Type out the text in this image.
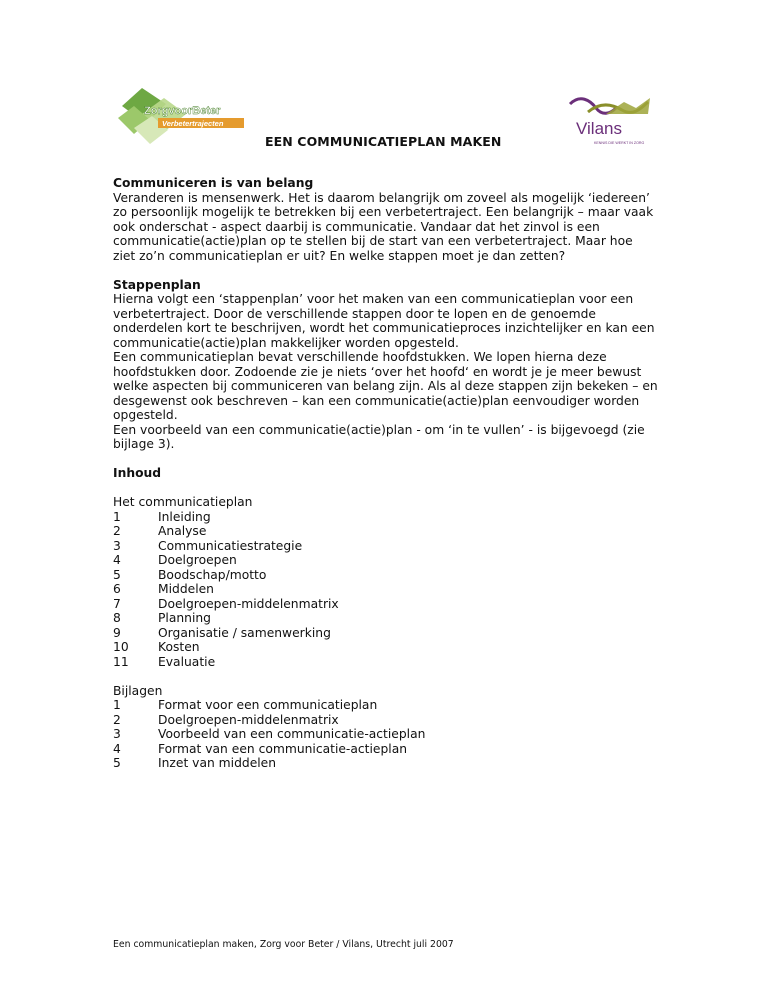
ZorgvoorBeter
Verbetertrajecten	Vilans
KENNIS DIE WERKT IN ZORG
EEN COMMUNICATIEPLAN MAKEN

Communiceren is van belang

Veranderen is mensenwerk. Het is daarom belangrijk om zoveel als mogelijk ‘iedereen’ zo persoonlijk mogelijk te betrekken bij een verbetertraject. Een belangrijk – maar vaak ook onderschat - aspect daarbij is communicatie. Vandaar dat het zinvol is een communicatie(actie)plan op te stellen bij de start van een verbetertraject. Maar hoe ziet zo’n communicatieplan er uit? En welke stappen moet je dan zetten?

Stappenplan

Hierna volgt een ‘stappenplan’ voor het maken van een communicatieplan voor een verbetertraject. Door de verschillende stappen door te lopen en de genoemde onderdelen kort te beschrijven, wordt het communicatieproces inzichtelijker en kan een communicatie(actie)plan makkelijker worden opgesteld.

Een communicatieplan bevat verschillende hoofdstukken. We lopen hierna deze hoofdstukken door. Zodoende zie je niets ‘over het hoofd‘ en wordt je je meer bewust welke aspecten bij communiceren van belang zijn. Als al deze stappen zijn bekeken – en desgewenst ook beschreven – kan een communicatie(actie)plan eenvoudiger worden opgesteld.

Een voorbeeld van een communicatie(actie)plan - om ‘in te vullen’ - is bijgevoegd (zie bijlage 3).

Inhoud

Het communicatieplan

1	Inleiding
2	Analyse
3	Communicatiestrategie
4	Doelgroepen
5	Boodschap/motto
6	Middelen
7	Doelgroepen-middelenmatrix
8	Planning
9	Organisatie / samenwerking
10	Kosten
11	Evaluatie

Bijlagen

1	Format voor een communicatieplan
2	Doelgroepen-middelenmatrix
3	Voorbeeld van een communicatie-actieplan
4	Format van een communicatie-actieplan
5	Inzet van middelen
Een communicatieplan maken, Zorg voor Beter / Vilans, Utrecht juli 2007
